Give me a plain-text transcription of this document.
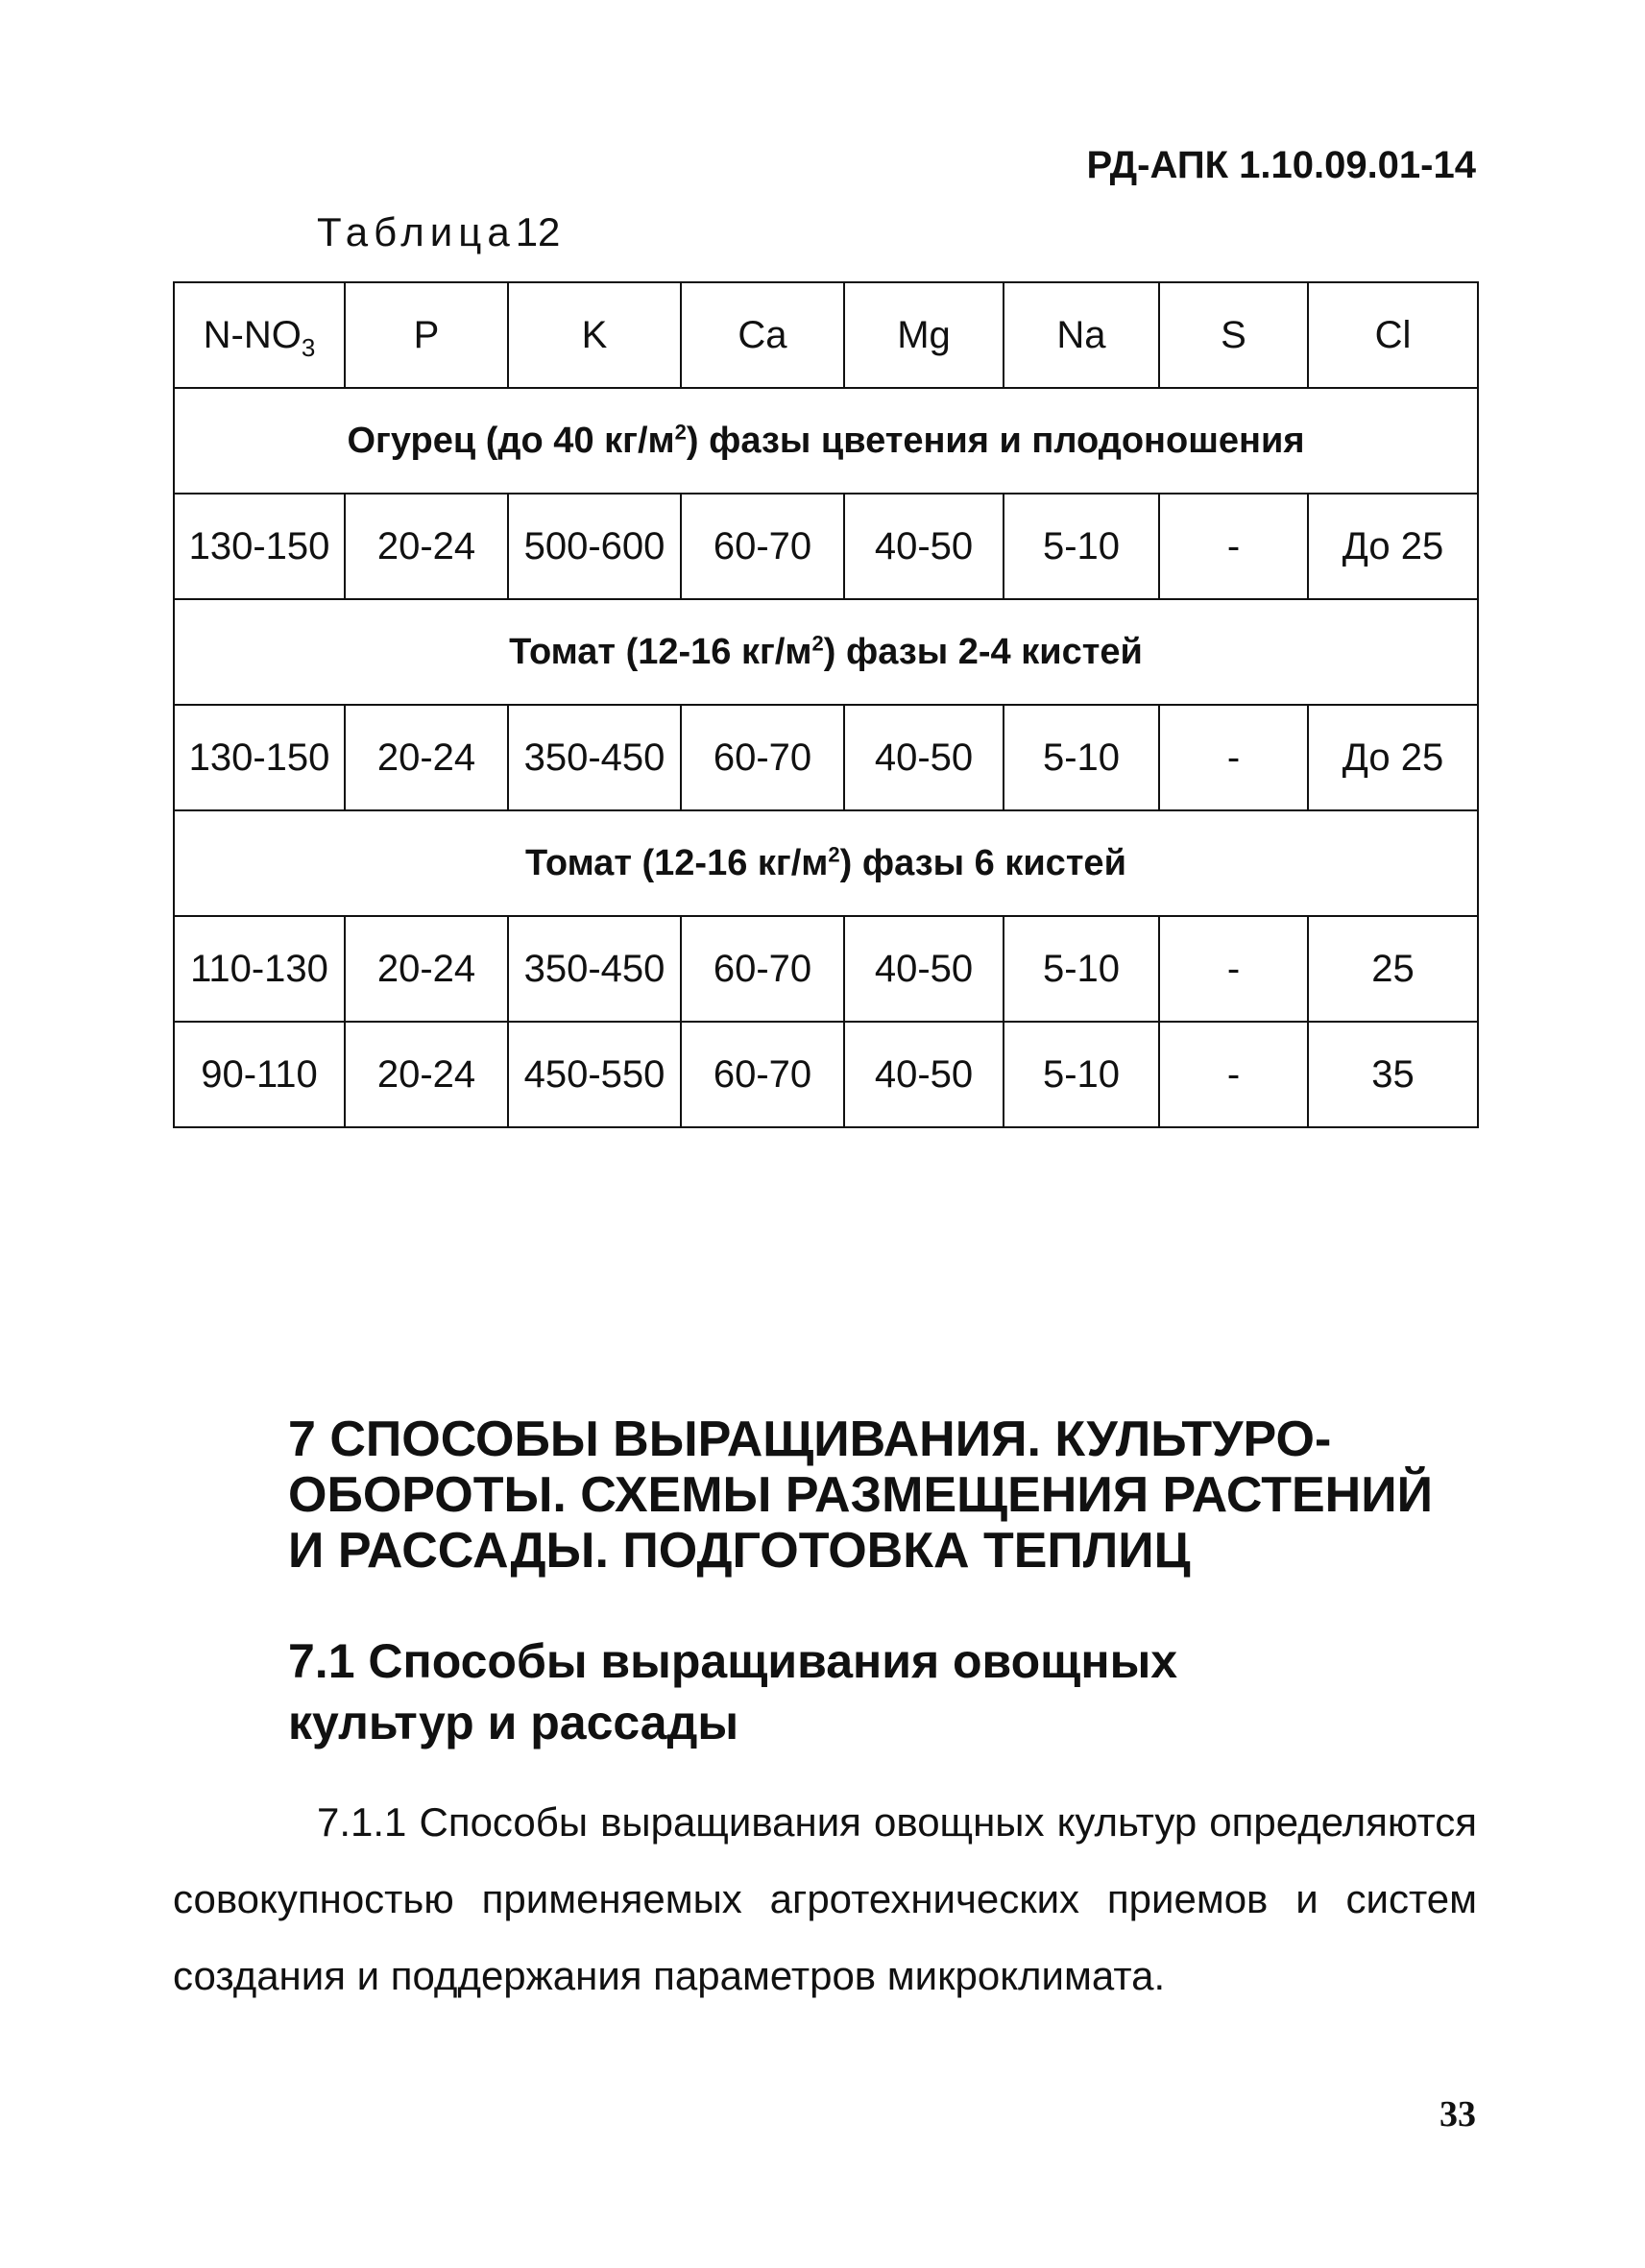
РД-АПК 1.10.09.01-14
Таблица12
$N-NO_3$	P	K	Ca	Mg	Na	S	Cl
Огурец (до 40 $кг/м^2$) фазы цветения и плодоношения							
130-150	20-24	500-600	60-70	40-50	5-10	-	До 25
Томат (12-16 $кг/м^2$) фазы 2-4 кистей							
130-150	20-24	350-450	60-70	40-50	5-10	-	До 25
Томат (12-16 $кг/м^2$) фазы 6 кистей							
110-130	20-24	350-450	60-70	40-50	5-10	-	25
90-110	20-24	450-550	60-70	40-50	5-10	-	35
7 СПОСОБЫ ВЫРАЩИВАНИЯ. КУЛЬТУРО-
ОБОРОТЫ. СХЕМЫ РАЗМЕЩЕНИЯ РАСТЕНИЙ
И РАССАДЫ. ПОДГОТОВКА ТЕПЛИЦ
7.1 Способы выращивания овощных
культур и рассады

7.1.1 Способы выращивания овощных культур определяются совокупностью применяемых агротехнических приемов и систем создания и поддержания параметров микроклимата.

33
